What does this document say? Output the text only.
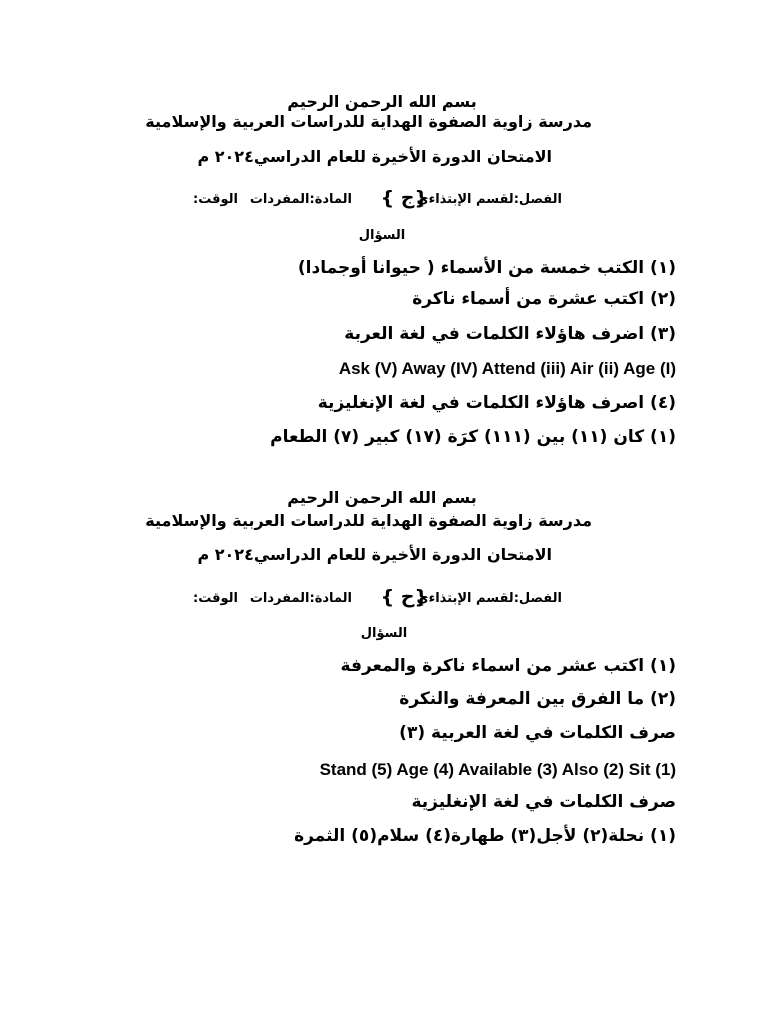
بسم الله الرحمن الرحيم
مدرسة زاوية الصفوة الهداية للدراسات العربية والإسلامية
الامتحان الدورة الأخيرة للعام الدراسي٢٠٢٤ م
الفصل:لقسم الإبتذاءي
{ج }
المادة:المفردات
الوقت:
السؤال
(١) الكتب خمسة من الأسماء ( حيوانا أوجمادا)
(٢) اكتب عشرة من أسماء ناكرة
(٣) اضرف هاؤلاء الكلمات في لغة العربة
Ask (V) Away (IV) Attend (iii) Air (ii) Age (I)
(٤) اصرف هاؤلاء الكلمات في لغة الإنغليزية
(١) كان (١١) بين (١١١) كرَة (١٧) كبير (٧) الطعام
بسم الله الرحمن الرحيم
مدرسة زاوية الصفوة الهداية للدراسات العربية والإسلامية
الامتحان الدورة الأخيرة للعام الدراسي٢٠٢٤ م
الفصل:لقسم الإبتذاءي
{ح }
المادة:المفردات
الوقت:
السؤال
(١) اكتب عشر من اسماء ناكرة والمعرفة
(٢) ما الفرق بين المعرفة والنكرة
صرف الكلمات في لغة العربية (٣)
Stand (5) Age (4) Available (3) Also (2) Sit (1)
صرف الكلمات في لغة الإنغليزية
(١) نحلة(٢) لأجل(٣) طهارة(٤) سلام(٥) الثمرة
